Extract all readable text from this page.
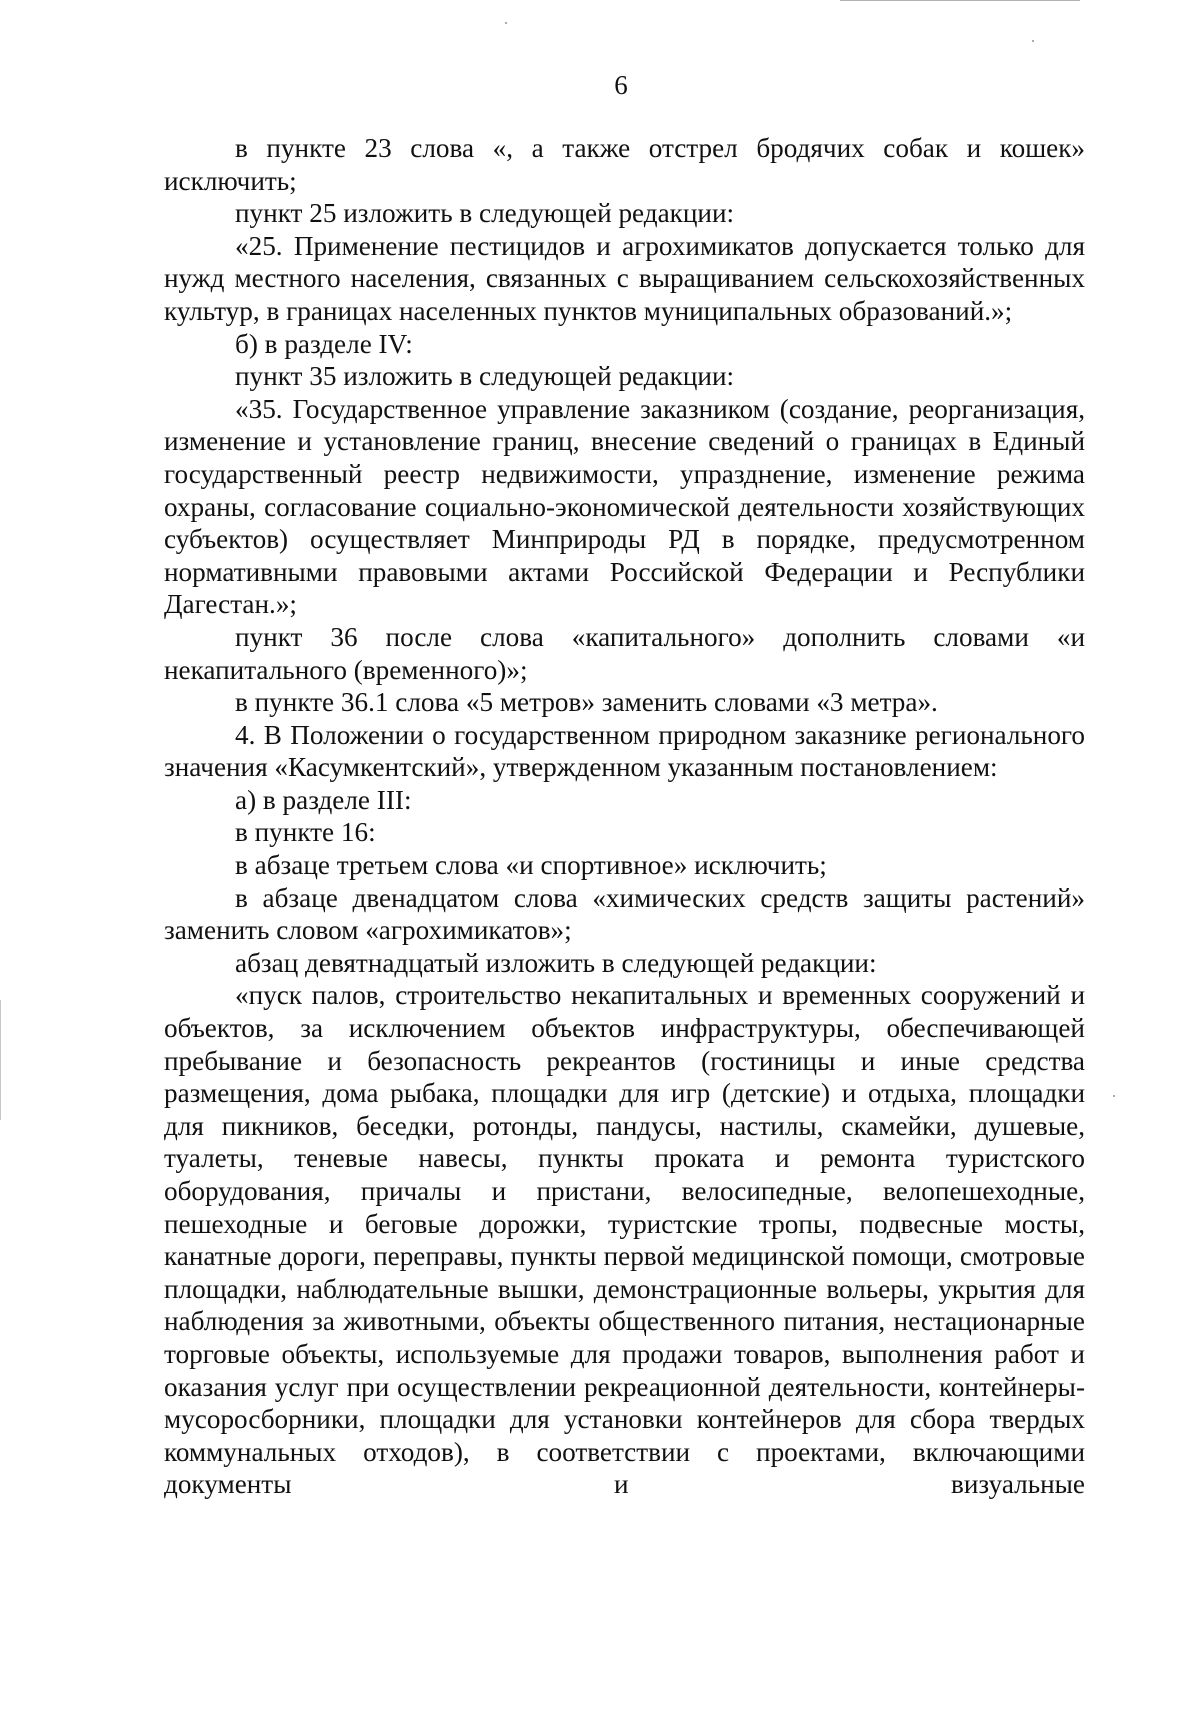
6

в пункте 23 слова «, а также отстрел бродячих собак и кошек» исключить;

пункт 25 изложить в следующей редакции:

«25. Применение пестицидов и агрохимикатов допускается только для нужд местного населения, связанных с выращиванием сельскохозяйственных культур, в границах населенных пунктов муниципальных образований.»;

б) в разделе IV:

пункт 35 изложить в следующей редакции:

«35. Государственное управление заказником (создание, реорганизация, изменение и установление границ, внесение сведений о границах в Единый государственный реестр недвижимости, упразднение, изменение режима охраны, согласование социально-экономической деятельности хозяйствующих субъектов) осуществляет Минприроды РД в порядке, предусмотренном нормативными правовыми актами Российской Федерации и Республики Дагестан.»;

пункт 36 после слова «капитального» дополнить словами «и некапитального (временного)»;

в пункте 36.1 слова «5 метров» заменить словами «3 метра».

4. В Положении о государственном природном заказнике регионального значения «Касумкентский», утвержденном указанным постановлением:

а) в разделе III:

в пункте 16:

в абзаце третьем слова «и спортивное» исключить;

в абзаце двенадцатом слова «химических средств защиты растений» заменить словом «агрохимикатов»;

абзац девятнадцатый изложить в следующей редакции:

«пуск палов, строительство некапитальных и временных сооружений и объектов, за исключением объектов инфраструктуры, обеспечивающей пребывание и безопасность рекреантов (гостиницы и иные средства размещения, дома рыбака, площадки для игр (детские) и отдыха, площадки для пикников, беседки, ротонды, пандусы, настилы, скамейки, душевые, туалеты, теневые навесы, пункты проката и ремонта туристского оборудования, причалы и пристани, велосипедные, велопешеходные, пешеходные и беговые дорожки, туристские тропы, подвесные мосты, канатные дороги, переправы, пункты первой медицинской помощи, смотровые площадки, наблюдательные вышки, демонстрационные вольеры, укрытия для наблюдения за животными, объекты общественного питания, нестационарные торговые объекты, используемые для продажи товаров, выполнения работ и оказания услуг при осуществлении рекреационной деятельности, контейнеры-мусоросборники, площадки для установки контейнеров для сбора твердых коммунальных отходов), в соответствии с проектами, включающими документы и визуальные
